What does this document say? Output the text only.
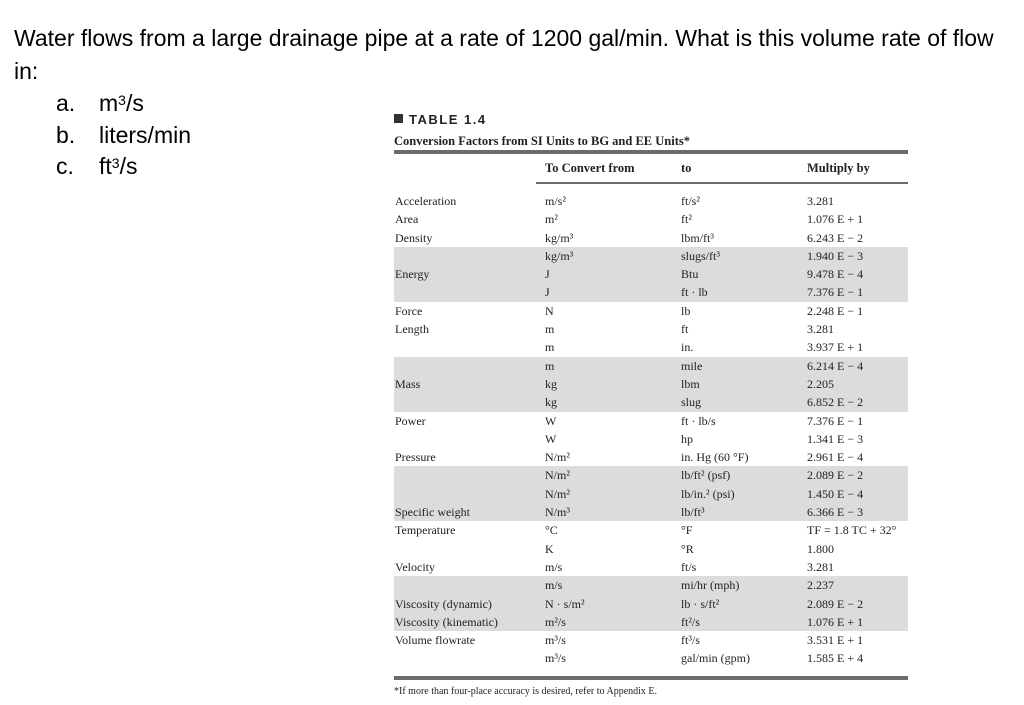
Water flows from a large drainage pipe at a rate of 1200 gal/min. What is this volume rate of flow in:
a.	$m^3/s$
b.	liters/min
c.	$ft^3/s$
TABLE 1.4
Conversion Factors from SI Units to BG and EE Units*
To Convert from	to	Multiply by
Acceleration	m/s²	ft/s²	3.281
Area	m²	ft²	1.076 E + 1
Density	kg/m³	lbm/ft³	6.243 E − 2
kg/m³	slugs/ft³	1.940 E − 3
Energy	J	Btu	9.478 E − 4
J	ft · lb	7.376 E − 1
Force	N	lb	2.248 E − 1
Length	m	ft	3.281
m	in.	3.937 E + 1
m	mile	6.214 E − 4
Mass	kg	lbm	2.205
kg	slug	6.852 E − 2
Power	W	ft · lb/s	7.376 E − 1
W	hp	1.341 E − 3
Pressure	N/m²	in. Hg (60 °F)	2.961 E − 4
N/m²	lb/ft² (psf)	2.089 E − 2
N/m²	lb/in.² (psi)	1.450 E − 4
Specific weight	N/m³	lb/ft³	6.366 E − 3
Temperature	°C	°F	TF = 1.8 TC + 32°
K	°R	1.800
Velocity	m/s	ft/s	3.281
m/s	mi/hr (mph)	2.237
Viscosity (dynamic)	N · s/m²	lb · s/ft²	2.089 E − 2
Viscosity (kinematic)	m²/s	ft²/s	1.076 E + 1
Volume flowrate	m³/s	ft³/s	3.531 E + 1
m³/s	gal/min (gpm)	1.585 E + 4
*If more than four-place accuracy is desired, refer to Appendix E.
